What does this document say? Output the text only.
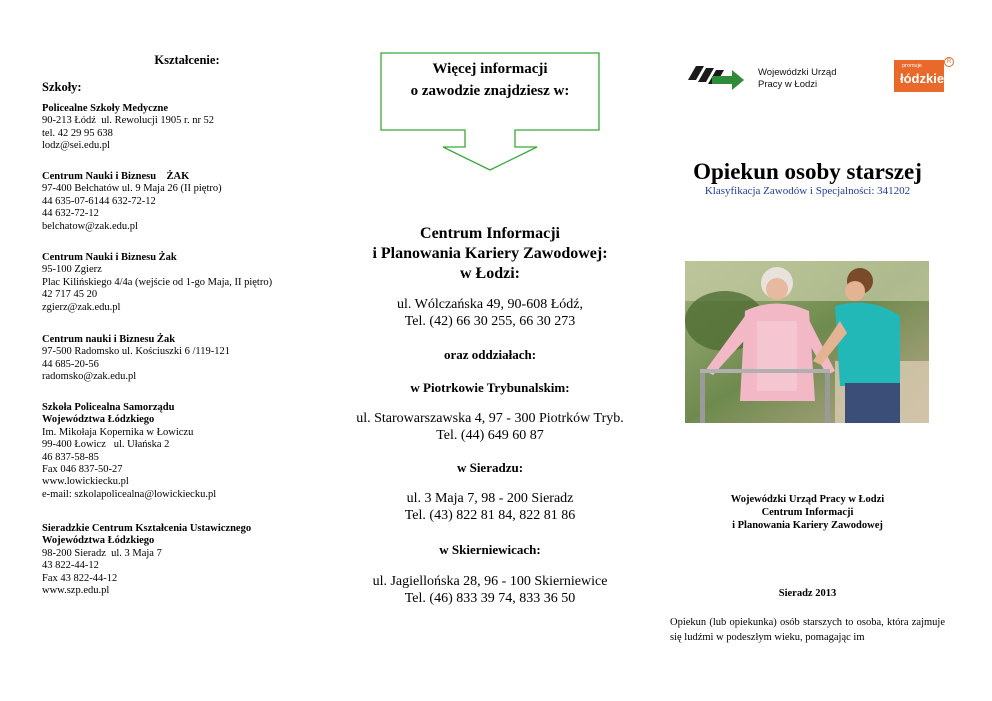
Kształcenie:
Szkoły:
Policealne Szkoły Medyczne
90-213 Łódź  ul. Rewolucji 1905 r. nr 52
tel. 42 29 95 638
lodz@sei.edu.pl
Centrum Nauki i Biznesu    ŻAK
97-400 Bełchatów ul. 9 Maja 26 (II piętro)
44 635-07-6144 632-72-12
44 632-72-12
belchatow@zak.edu.pl
Centrum Nauki i Biznesu Żak
95-100 Zgierz
Plac Kilińskiego 4/4a (wejście od 1-go Maja, II piętro)
42 717 45 20
zgierz@zak.edu.pl
Centrum nauki i Biznesu Żak
97-500 Radomsko ul. Kościuszki 6 /119-121
44 685-20-56
radomsko@zak.edu.pl
Szkoła Policealna Samorządu
Województwa Łódzkiego
Im. Mikołaja Kopernika w Łowiczu
99-400 Łowicz   ul. Ułańska 2
46 837-58-85
Fax 046 837-50-27
www.lowickiecku.pl
e-mail: szkolapolicealna@lowickiecku.pl
Sieradzkie Centrum Kształcenia Ustawicznego
Województwa Łódzkiego
98-200 Sieradz  ul. 3 Maja 7
43 822-44-12
Fax 43 822-44-12
www.szp.edu.pl
Więcej informacji
o zawodzie znajdziesz w:
Centrum Informacji
i Planowania Kariery Zawodowej:
w Łodzi:
ul. Wólczańska 49, 90-608 Łódź,
Tel. (42) 66 30 255, 66 30 273
oraz oddziałach:
w Piotrkowie Trybunalskim:
ul. Starowarszawska 4, 97 - 300 Piotrków Tryb.
Tel. (44) 649 60 87
w Sieradzu:
ul. 3 Maja 7, 98 - 200 Sieradz
Tel. (43) 822 81 84, 822 81 86
w Skierniewicach:
ul. Jagiellońska 28, 96 - 100 Skierniewice
Tel. (46) 833 39 74, 833 36 50
Wojewódzki Urząd
Pracy w Łodzi
promuje
łódzkie
R
Opiekun osoby starszej
Klasyfikacja Zawodów i Specjalności: 341202
Wojewódzki Urząd Pracy w Łodzi
Centrum Informacji
i Planowania Kariery Zawodowej
Sieradz 2013
Opiekun (lub opiekunka) osób starszych to osoba, która zajmuje się ludźmi w podeszłym wieku, pomagając im
